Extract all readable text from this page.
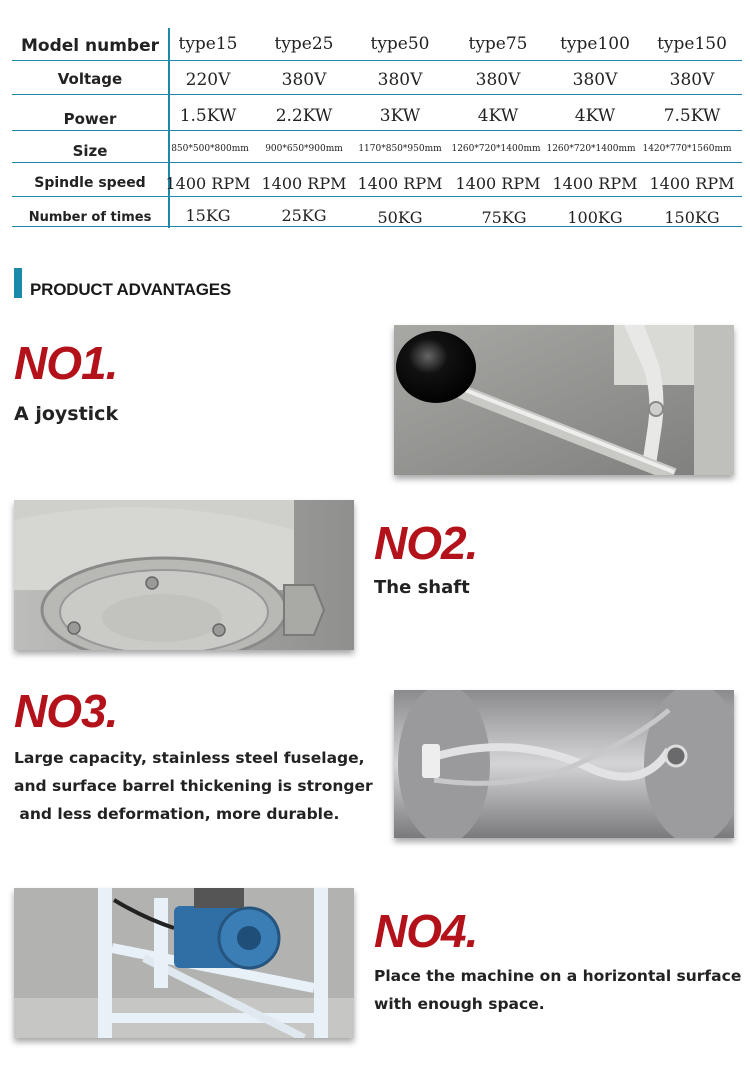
Model number	type15	type25	type50	type75	type100	type150
Voltage	220V	380V	380V	380V	380V	380V
Power	1.5KW	2.2KW	3KW	4KW	4KW	7.5KW
Size	850*500*800mm	900*650*900mm	1170*850*950mm	1260*720*1400mm 1260*720*1400mm 1420*770*1560mm
Spindle speed	1400 RPM 1400 RPM 1400 RPM 1400 RPM 1400 RPM 1400 RPM
Number of times	15KG	25KG	50KG	75KG	100KG	150KG
PRODUCT ADVANTAGES
NO1.
A joystick
NO2.
The shaft
NO3.
Large capacity, stainless steel fuselage,
and surface barrel thickening is stronger
and less deformation, more durable.
NO4.
Place the machine on a horizontal surface
with enough space.
